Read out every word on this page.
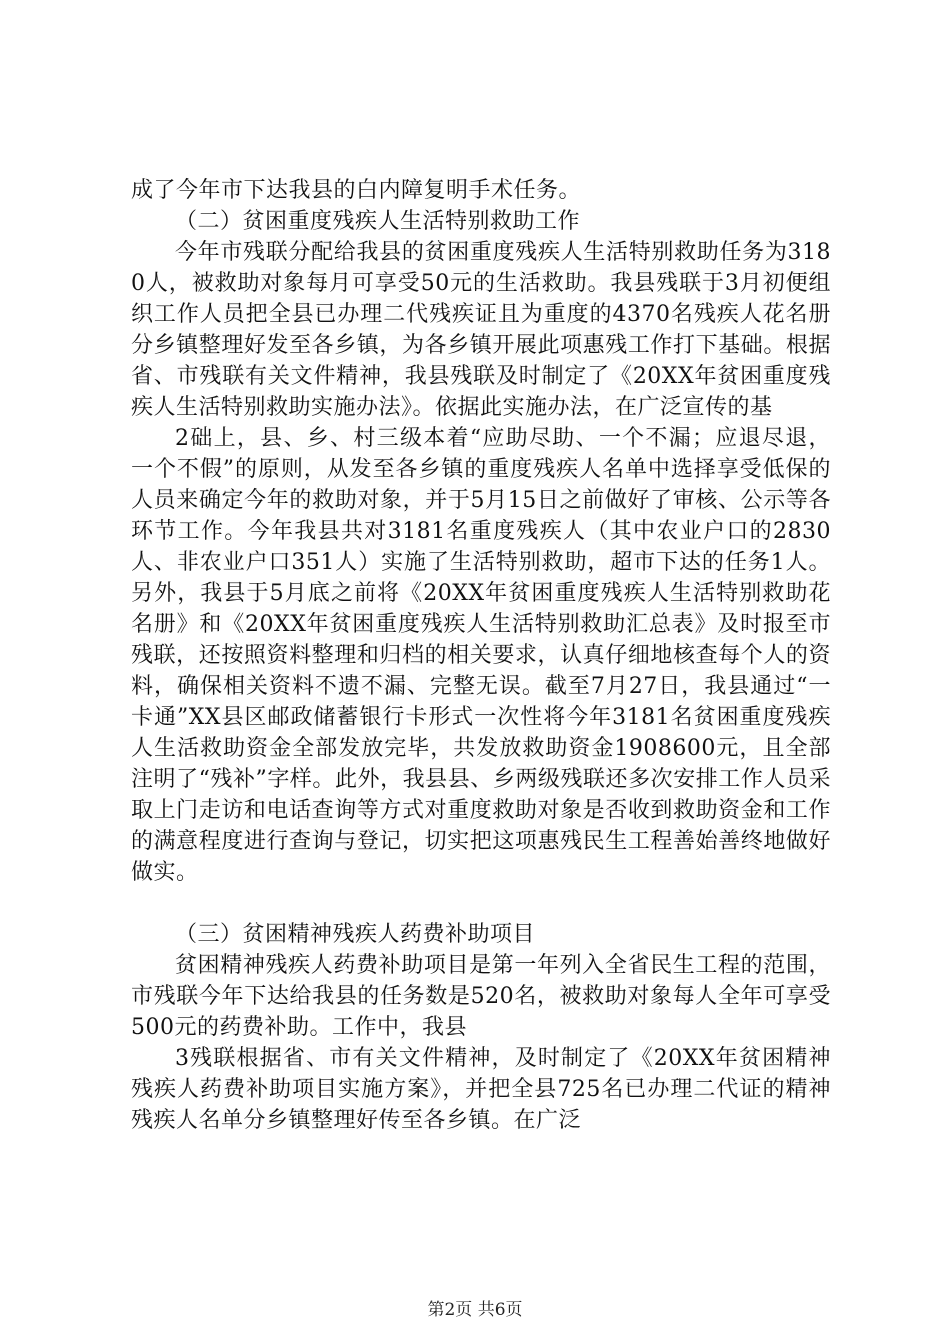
成了今年市下达我县的白内障复明手术任务。

（二）贫困重度残疾人生活特别救助工作

今年市残联分配给我县的贫困重度残疾人生活特别救助任务为3180人，被救助对象每月可享受50元的生活救助。我县残联于3月初便组织工作人员把全县已办理二代残疾证且为重度的4370名残疾人花名册分乡镇整理好发至各乡镇，为各乡镇开展此项惠残工作打下基础。根据省、市残联有关文件精神，我县残联及时制定了《20XX年贫困重度残疾人生活特别救助实施办法》。依据此实施办法，在广泛宣传的基

2础上，县、乡、村三级本着“应助尽助、一个不漏；应退尽退，一个不假”的原则，从发至各乡镇的重度残疾人名单中选择享受低保的人员来确定今年的救助对象，并于5月15日之前做好了审核、公示等各环节工作。今年我县共对3181名重度残疾人（其中农业户口的2830人、非农业户口351人）实施了生活特别救助，超市下达的任务1人。另外，我县于5月底之前将《20XX年贫困重度残疾人生活特别救助花名册》和《20XX年贫困重度残疾人生活特别救助汇总表》及时报至市残联，还按照资料整理和归档的相关要求，认真仔细地核查每个人的资料，确保相关资料不遗不漏、完整无误。截至7月27日，我县通过“一卡通”XX县区邮政储蓄银行卡形式一次性将今年3181名贫困重度残疾人生活救助资金全部发放完毕，共发放救助资金1908600元，且全部注明了“残补”字样。此外，我县县、乡两级残联还多次安排工作人员采取上门走访和电话查询等方式对重度救助对象是否收到救助资金和工作的满意程度进行查询与登记，切实把这项惠残民生工程善始善终地做好做实。

（三）贫困精神残疾人药费补助项目

贫困精神残疾人药费补助项目是第一年列入全省民生工程的范围，市残联今年下达给我县的任务数是520名，被救助对象每人全年可享受500元的药费补助。工作中，我县

3残联根据省、市有关文件精神，及时制定了《20XX年贫困精神残疾人药费补助项目实施方案》，并把全县725名已办理二代证的精神残疾人名单分乡镇整理好传至各乡镇。在广泛

第2页 共6页
